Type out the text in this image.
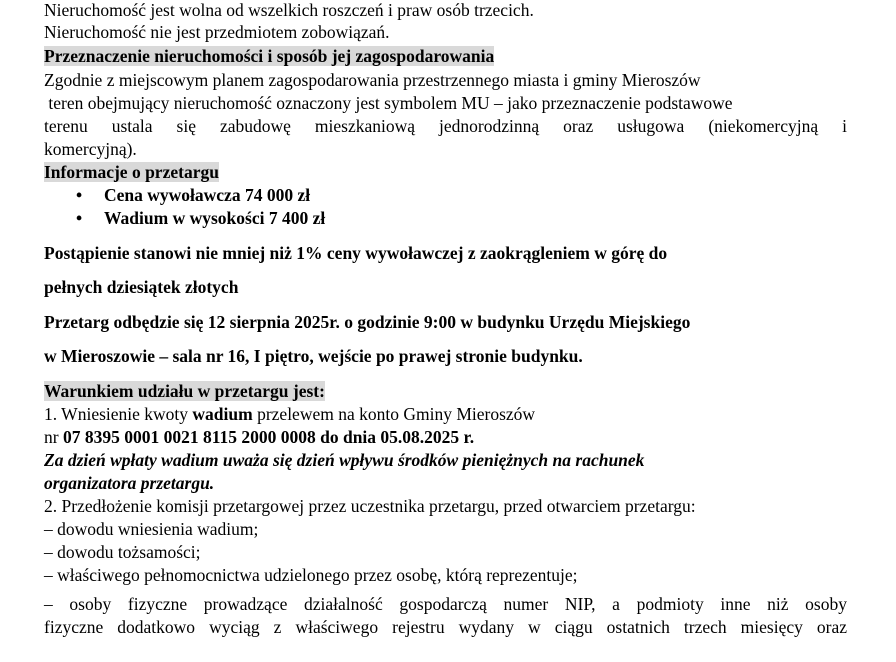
Nieruchomość jest wolna od wszelkich roszczeń i praw osób trzecich.
Nieruchomość nie jest przedmiotem zobowiązań.
Przeznaczenie nieruchomości i sposób jej zagospodarowania
Zgodnie z miejscowym planem zagospodarowania przestrzennego miasta i gminy Mieroszów
teren obejmujący nieruchomość oznaczony jest symbolem MU – jako przeznaczenie podstawowe
terenu ustala się zabudowę mieszkaniową jednorodzinną oraz usługowa (niekomercyjną i
komercyjną).
Informacje o przetargu
• Cena wywoławcza 74 000 zł
• Wadium w wysokości 7 400 zł
Postąpienie stanowi nie mniej niż 1% ceny wywoławczej z zaokrągleniem w górę do
pełnych dziesiątek złotych
Przetarg odbędzie się 12 sierpnia 2025r. o godzinie 9:00 w budynku Urzędu Miejskiego
w Mieroszowie – sala nr 16, I piętro, wejście po prawej stronie budynku.
Warunkiem udziału w przetargu jest:
1. Wniesienie kwoty wadium przelewem na konto Gminy Mieroszów
nr 07 8395 0001 0021 8115 2000 0008 do dnia 05.08.2025 r.
Za dzień wpłaty wadium uważa się dzień wpływu środków pieniężnych na rachunek
organizatora przetargu.
2. Przedłożenie komisji przetargowej przez uczestnika przetargu, przed otwarciem przetargu:
– dowodu wniesienia wadium;
– dowodu tożsamości;
– właściwego pełnomocnictwa udzielonego przez osobę, którą reprezentuje;
– osoby fizyczne prowadzące działalność gospodarczą numer NIP, a podmioty inne niż osoby
fizyczne dodatkowo wyciąg z właściwego rejestru wydany w ciągu ostatnich trzech miesięcy oraz
